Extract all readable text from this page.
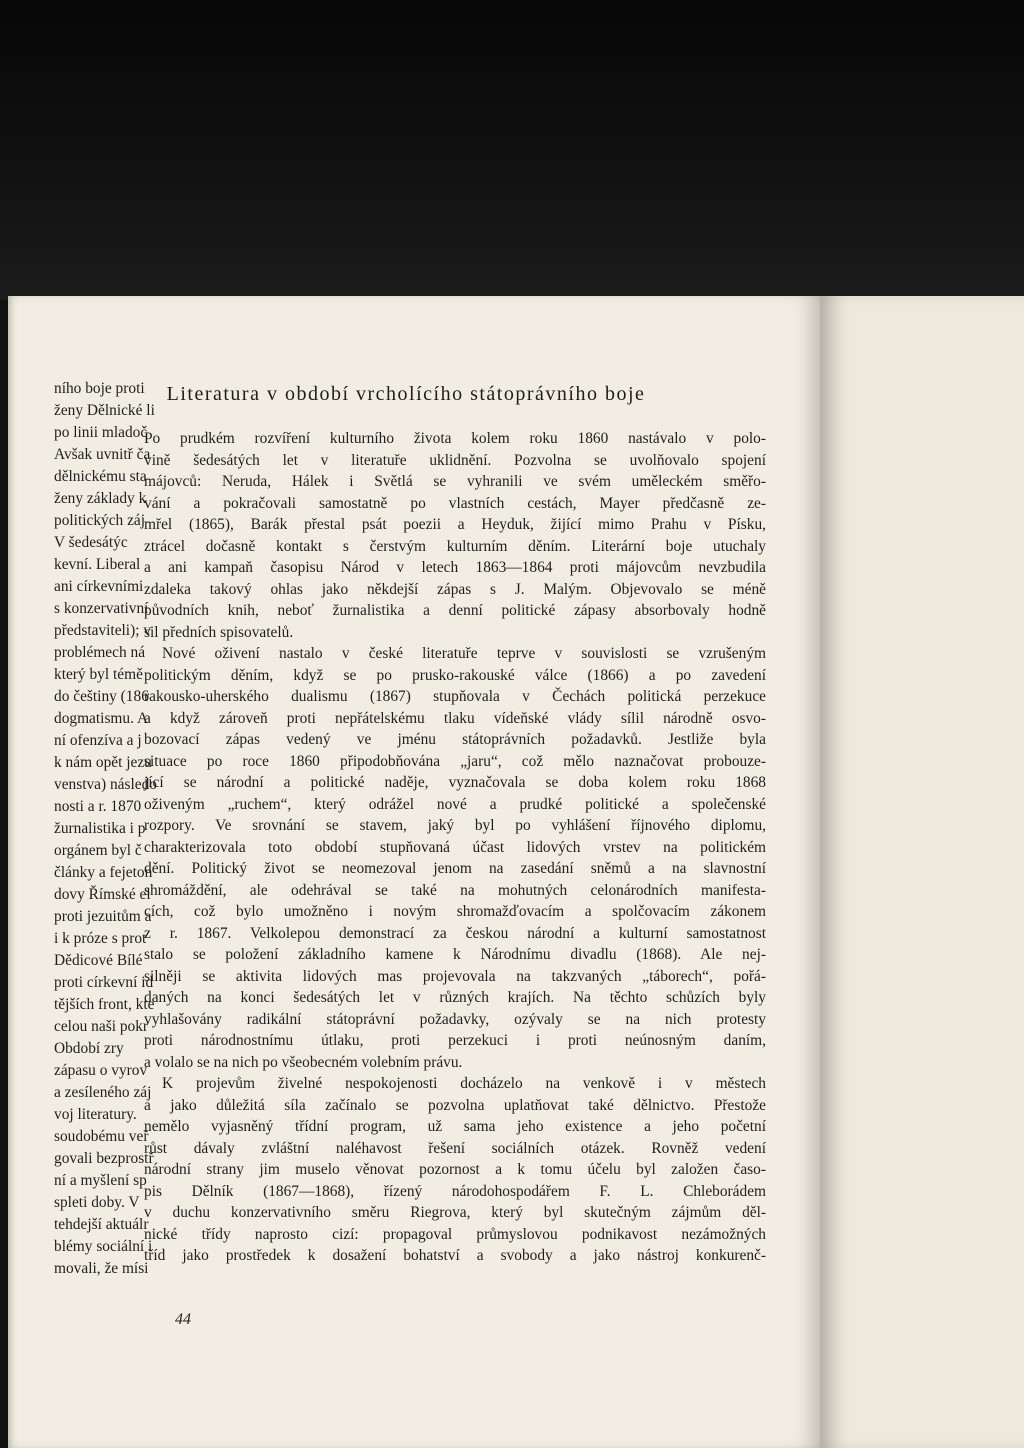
Literatura v období vrcholícího státoprávního boje
Po prudkém rozvíření kulturního života kolem roku 1860 nastávalo v polo-
vině šedesátých let v literatuře uklidnění. Pozvolna se uvolňovalo spojení
májovců: Neruda, Hálek i Světlá se vyhranili ve svém uměleckém směřo-
vání a pokračovali samostatně po vlastních cestách, Mayer předčasně ze-
mřel (1865), Barák přestal psát poezii a Heyduk, žijící mimo Prahu v Písku,
ztrácel dočasně kontakt s čerstvým kulturním děním. Literární boje utuchaly
a ani kampaň časopisu Národ v letech 1863—1864 proti májovcům nevzbudila
zdaleka takový ohlas jako někdejší zápas s J. Malým. Objevovalo se méně
původních knih, neboť žurnalistika a denní politické zápasy absorbovaly hodně
sil předních spisovatelů.
Nové oživení nastalo v české literatuře teprve v souvislosti se vzrušeným
politickým děním, když se po prusko-rakouské válce (1866) a po zavedení
rakousko-uherského dualismu (1867) stupňovala v Čechách politická perzekuce
a když zároveň proti nepřátelskému tlaku vídeňské vlády sílil národně osvo-
bozovací zápas vedený ve jménu státoprávních požadavků. Jestliže byla
situace po roce 1860 připodobňována „jaru“, což mělo naznačovat probouze-
jící se národní a politické naděje, vyznačovala se doba kolem roku 1868
oživeným „ruchem“, který odrážel nové a prudké politické a společenské
rozpory. Ve srovnání se stavem, jaký byl po vyhlášení říjnového diplomu,
charakterizovala toto období stupňovaná účast lidových vrstev na politickém
dění. Politický život se neomezoval jenom na zasedání sněmů a na slavnostní
shromáždění, ale odehrával se také na mohutných celonárodních manifesta-
cích, což bylo umožněno i novým shromažďovacím a spolčovacím zákonem
z r. 1867. Velkolepou demonstrací za českou národní a kulturní samostatnost
stalo se položení základního kamene k Národnímu divadlu (1868). Ale nej-
silněji se aktivita lidových mas projevovala na takzvaných „táborech“, pořá-
daných na konci šedesátých let v různých krajích. Na těchto schůzích byly
vyhlašovány radikální státoprávní požadavky, ozývaly se na nich protesty
proti národnostnímu útlaku, proti perzekuci i proti neúnosným daním,
a volalo se na nich po všeobecném volebním právu.
K projevům živelné nespokojenosti docházelo na venkově i v městech
a jako důležitá síla začínalo se pozvolna uplatňovat také dělnictvo. Přestože
nemělo vyjasněný třídní program, už sama jeho existence a jeho početní
růst dávaly zvláštní naléhavost řešení sociálních otázek. Rovněž vedení
národní strany jim muselo věnovat pozornost a k tomu účelu byl založen časo-
pis Dělník (1867—1868), řízený národohospodářem F. L. Chleborádem
v duchu konzervativního směru Riegrova, který byl skutečným zájmům děl-
nické třídy naprosto cizí: propagoval průmyslovou podnikavost nezámožných
tříd jako prostředek k dosažení bohatství a svobody a jako nástroj konkurenč-
44
ního boje proti
ženy Dělnické li
po linii mladoč
Avšak uvnitř ča
dělnickému sta
ženy základy k
politických záj
V šedesátýc
kevní. Liberal
ani církevními
s konzervativní
představiteli); v
problémech ná
který byl témě
do češtiny (186
dogmatismu. A
ní ofenzíva a j
k nám opět jezu
venstva) následo
nosti a r. 1870
žurnalistika i p
orgánem byl č
články a fejeton
dovy Římské el
proti jezuitům a
i k próze s prot
Dědicové Bílé
proti církevní id
tějších front, kte
celou naši pokr
Období zry
zápasu o vyrov
a zesíleného záj
voj literatury.
soudobému veř
govali bezprostř
ní a myšlení sp
spleti doby. V
tehdejší aktuálr
blémy sociální i
movali, že mísi
